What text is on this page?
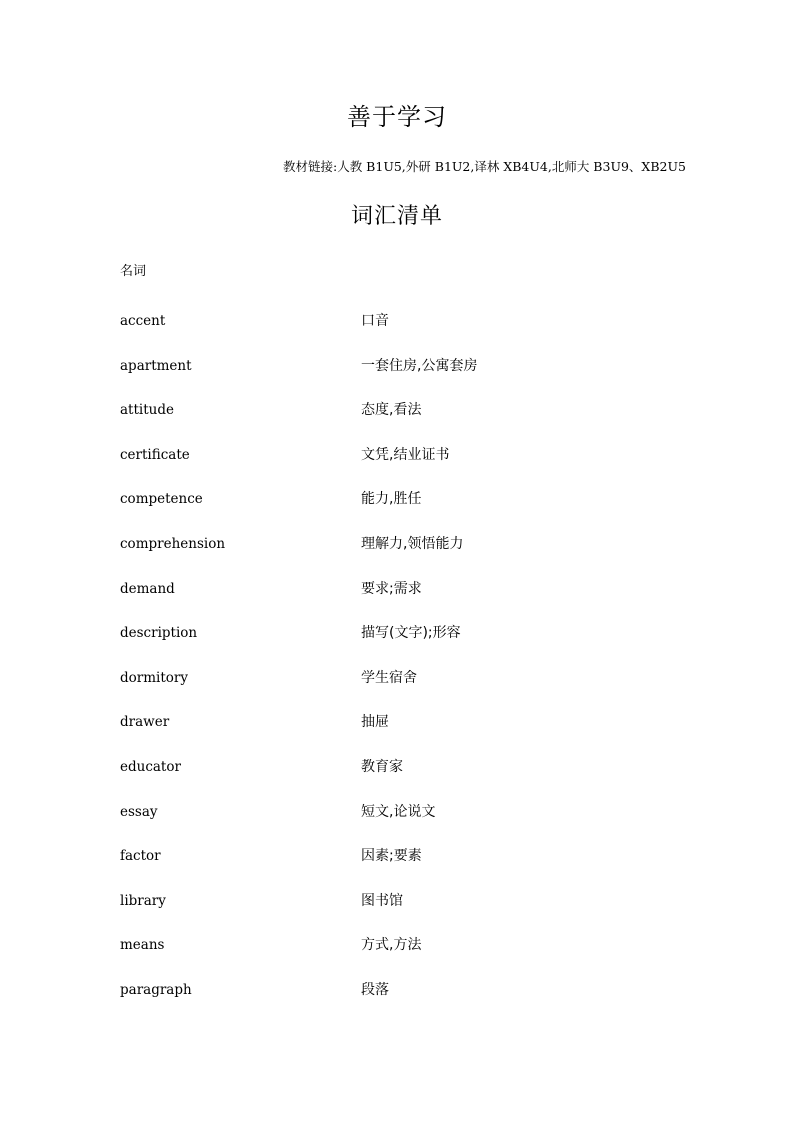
善于学习
教材链接:人教 B1U5,外研 B1U2,译林 XB4U4,北师大 B3U9、XB2U5
词汇清单
名词
accent	口音
apartment	一套住房,公寓套房
attitude	态度,看法
certificate	文凭,结业证书
competence	能力,胜任
comprehension	理解力,领悟能力
demand	要求;需求
description	描写(文字);形容
dormitory	学生宿舍
drawer	抽屉
educator	教育家
essay	短文,论说文
factor	因素;要素
library	图书馆
means	方式,方法
paragraph	段落
